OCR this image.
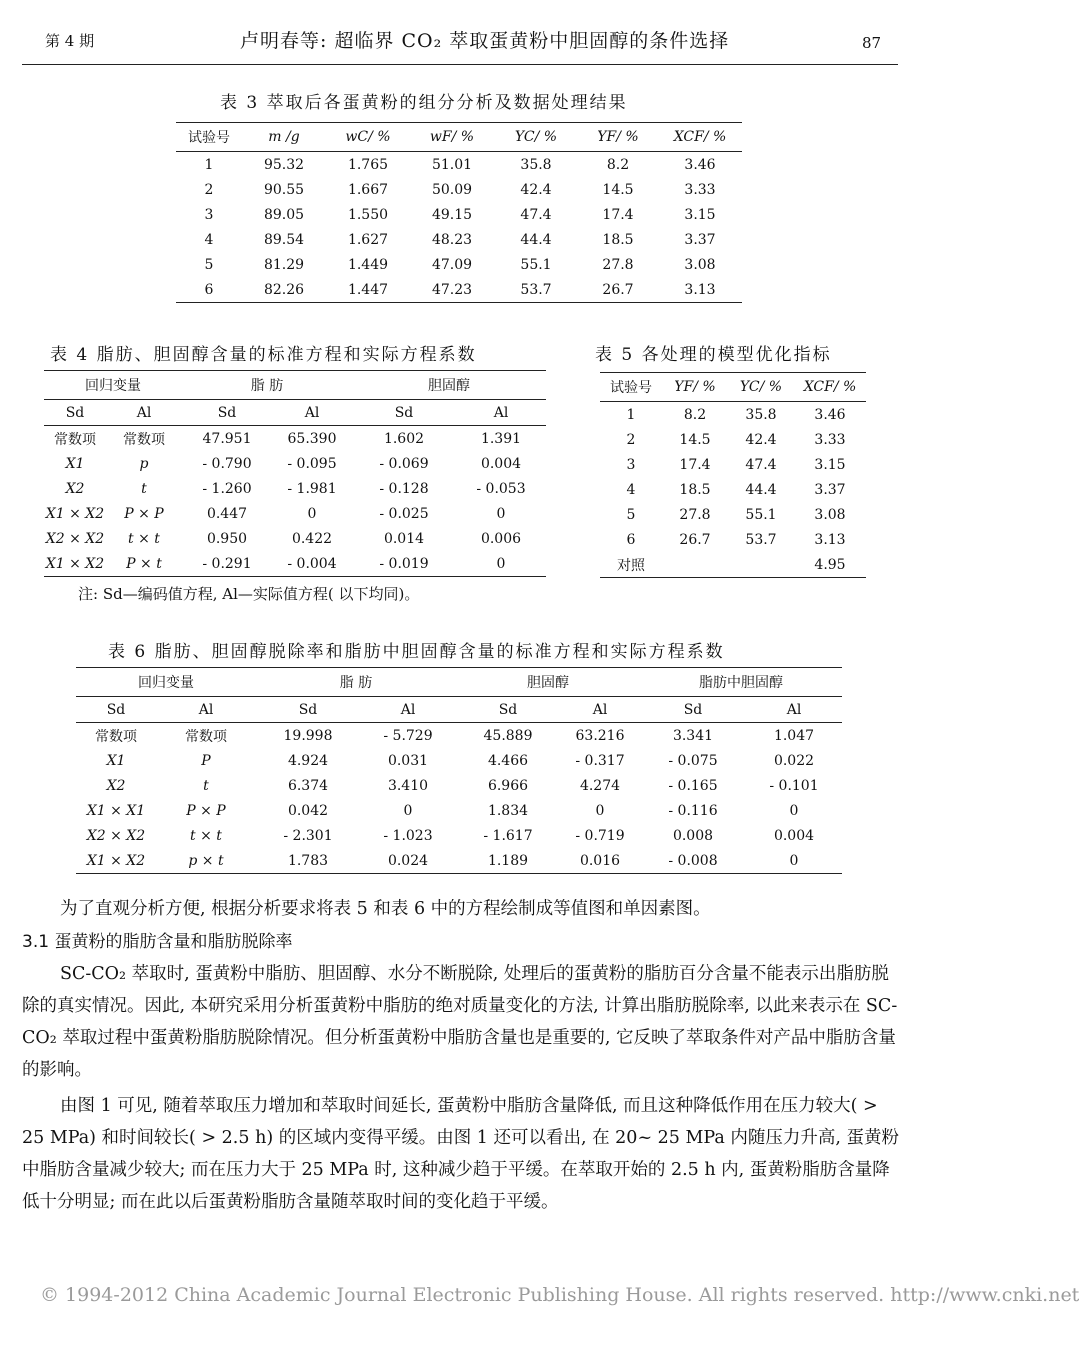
第 4 期	卢明春等: 超临界 CO₂ 萃取蛋黄粉中胆固醇的条件选择	87
表 3 萃取后各蛋黄粉的组分分析及数据处理结果
试验号	m /g	wC/ %	wF/ %	YC/ %	YF/ %	XCF/ %
1	95.32	1.765	51.01	35.8	8.2	3.46
2	90.55	1.667	50.09	42.4	14.5	3.33
3	89.05	1.550	49.15	47.4	17.4	3.15
4	89.54	1.627	48.23	44.4	18.5	3.37
5	81.29	1.449	47.09	55.1	27.8	3.08
6	82.26	1.447	47.23	53.7	26.7	3.13
表 4 脂肪、胆固醇含量的标准方程和实际方程系数
回归变量		脂 肪		胆固醇	
Sd	Al	Sd	Al	Sd	Al
常数项	常数项	47.951	65.390	1.602	1.391
X1	p	- 0.790	- 0.095	- 0.069	0.004
X2	t	- 1.260	- 1.981	- 0.128	- 0.053
X1 × X2	P × P	0.447	0	- 0.025	0
X2 × X2	t × t	0.950	0.422	0.014	0.006
X1 × X2	P × t	- 0.291	- 0.004	- 0.019	0
注: Sd—编码值方程, Al—实际值方程( 以下均同)。
表 5 各处理的模型优化指标
试验号	YF/ %	YC/ %	XCF/ %
1	8.2	35.8	3.46
2	14.5	42.4	3.33
3	17.4	47.4	3.15
4	18.5	44.4	3.37
5	27.8	55.1	3.08
6	26.7	53.7	3.13
对照			4.95
表 6 脂肪、胆固醇脱除率和脂肪中胆固醇含量的标准方程和实际方程系数
回归变量		脂 肪		胆固醇		脂肪中胆固醇	
Sd	Al	Sd	Al	Sd	Al	Sd	Al
常数项	常数项	19.998	- 5.729	45.889	63.216	3.341	1.047
X1	P	4.924	0.031	4.466	- 0.317	- 0.075	0.022
X2	t	6.374	3.410	6.966	4.274	- 0.165	- 0.101
X1 × X1	P × P	0.042	0	1.834	0	- 0.116	0
X2 × X2	t × t	- 2.301	- 1.023	- 1.617	- 0.719	0.008	0.004
X1 × X2	p × t	1.783	0.024	1.189	0.016	- 0.008	0
为了直观分析方便, 根据分析要求将表 5 和表 6 中的方程绘制成等值图和单因素图。
3.1 蛋黄粉的脂肪含量和脂肪脱除率
SC-CO₂ 萃取时, 蛋黄粉中脂肪、胆固醇、水分不断脱除, 处理后的蛋黄粉的脂肪百分含量不能表示出脂肪脱除的真实情况。因此, 本研究采用分析蛋黄粉中脂肪的绝对质量变化的方法, 计算出脂肪脱除率, 以此来表示在 SC-CO₂ 萃取过程中蛋黄粉脂肪脱除情况。但分析蛋黄粉中脂肪含量也是重要的, 它反映了萃取条件对产品中脂肪含量的影响。
由图 1 可见, 随着萃取压力增加和萃取时间延长, 蛋黄粉中脂肪含量降低, 而且这种降低作用在压力较大( > 25 MPa) 和时间较长( > 2.5 h) 的区域内变得平缓。由图 1 还可以看出, 在 20~ 25 MPa 内随压力升高, 蛋黄粉中脂肪含量减少较大; 而在压力大于 25 MPa 时, 这种减少趋于平缓。在萃取开始的 2.5 h 内, 蛋黄粉脂肪含量降低十分明显; 而在此以后蛋黄粉脂肪含量随萃取时间的变化趋于平缓。
© 1994-2012 China Academic Journal Electronic Publishing House. All rights reserved. http://www.cnki.net
